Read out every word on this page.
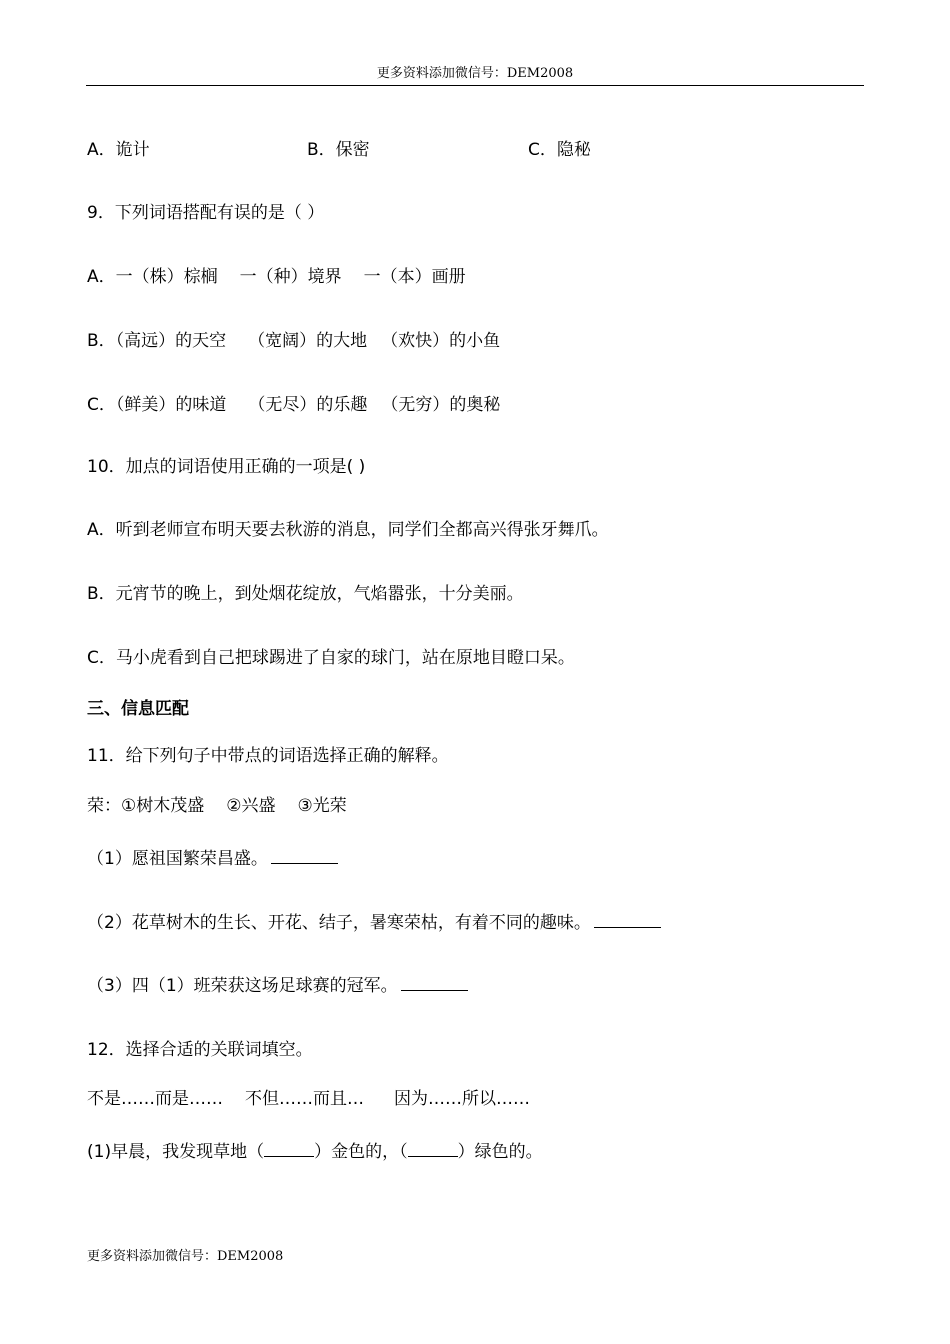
更多资料添加微信号：DEM2008
A．诡计	B．保密	C．隐秘
9．下列词语搭配有误的是（ ）
A．一（株）棕榈 一（种）境界 一（本）画册
B．（高远）的天空 （宽阔）的大地 （欢快）的小鱼
C．（鲜美）的味道 （无尽）的乐趣 （无穷）的奥秘
10．加点的词语使用正确的一项是( )
A．听到老师宣布明天要去秋游的消息，同学们全都高兴得张牙舞爪。
B．元宵节的晚上，到处烟花绽放，气焰嚣张，十分美丽。
C．马小虎看到自己把球踢进了自家的球门，站在原地目瞪口呆。
三、信息匹配
11．给下列句子中带点的词语选择正确的解释。
荣：①树木茂盛 ②兴盛 ③光荣
（1）愿祖国繁荣昌盛。
（2）花草树木的生长、开花、结子，暑寒荣枯，有着不同的趣味。
（3）四（1）班荣获这场足球赛的冠军。
12．选择合适的关联词填空。
不是……而是…… 不但……而且… 因为……所以……
(1)早晨，我发现草地（	）金色的，（	）绿色的。
更多资料添加微信号：DEM2008
